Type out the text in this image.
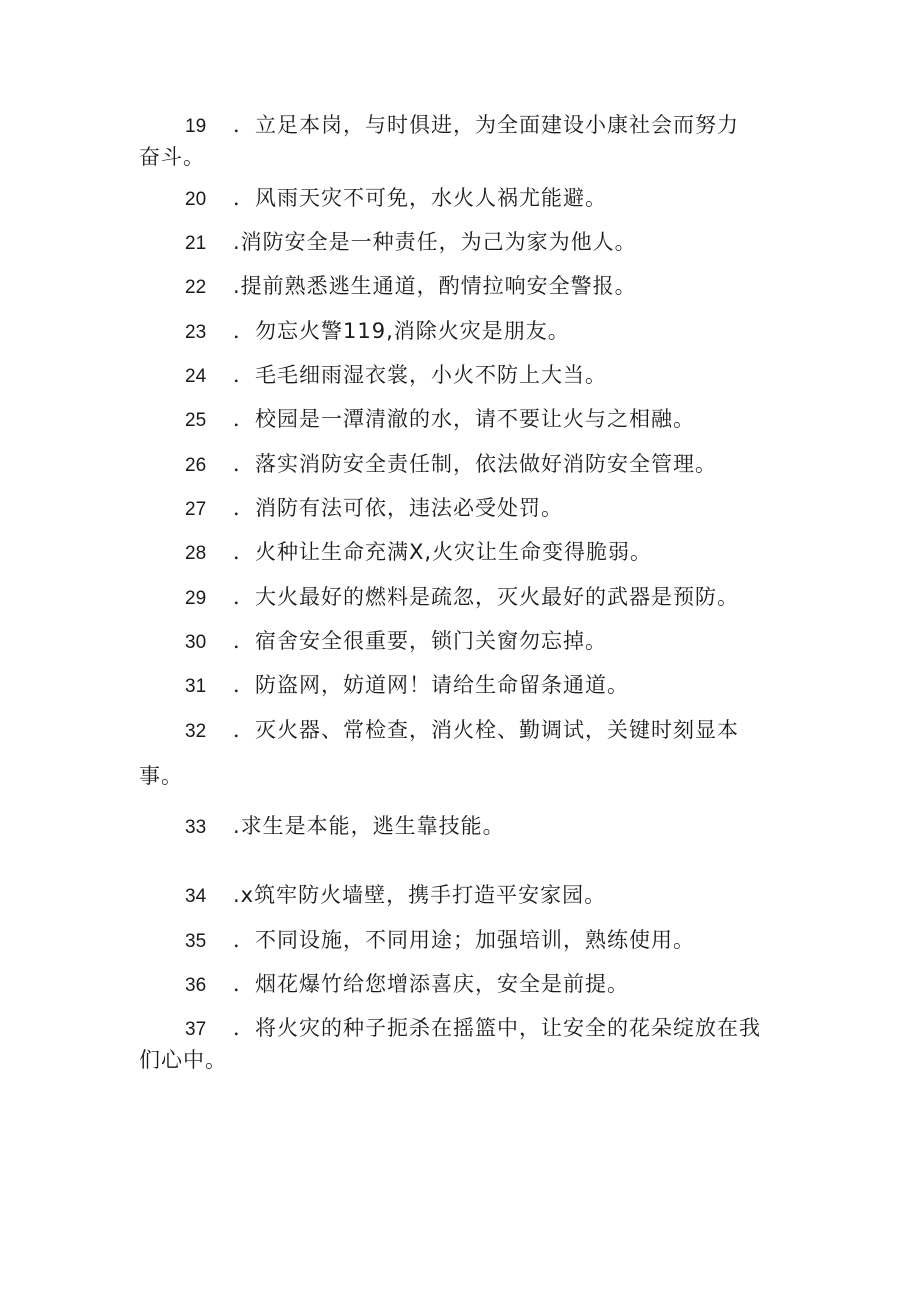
19 ．立足本岗，与时俱进，为全面建设小康社会而努力
奋斗。
20 ．风雨天灾不可免，水火人祸尤能避。
21 .消防安全是一种责任，为己为家为他人。
22 .提前熟悉逃生通道，酌情拉响安全警报。
23 ．勿忘火警119,消除火灾是朋友。
24 ．毛毛细雨湿衣裳，小火不防上大当。
25 ．校园是一潭清澈的水，请不要让火与之相融。
26 ．落实消防安全责任制，依法做好消防安全管理。
27 ．消防有法可依，违法必受处罚。
28 ．火种让生命充满X,火灾让生命变得脆弱。
29 ．大火最好的燃料是疏忽，灭火最好的武器是预防。
30 ．宿舍安全很重要，锁门关窗勿忘掉。
31 ．防盗网，妨道网！请给生命留条通道。
32 ．灭火器、常检查，消火栓、勤调试，关键时刻显本
事。
33 .求生是本能，逃生靠技能。
34 .x筑牢防火墙壁，携手打造平安家园。
35 ．不同设施，不同用途；加强培训，熟练使用。
36 ．烟花爆竹给您增添喜庆，安全是前提。
37 ．将火灾的种子扼杀在摇篮中，让安全的花朵绽放在我
们心中。
